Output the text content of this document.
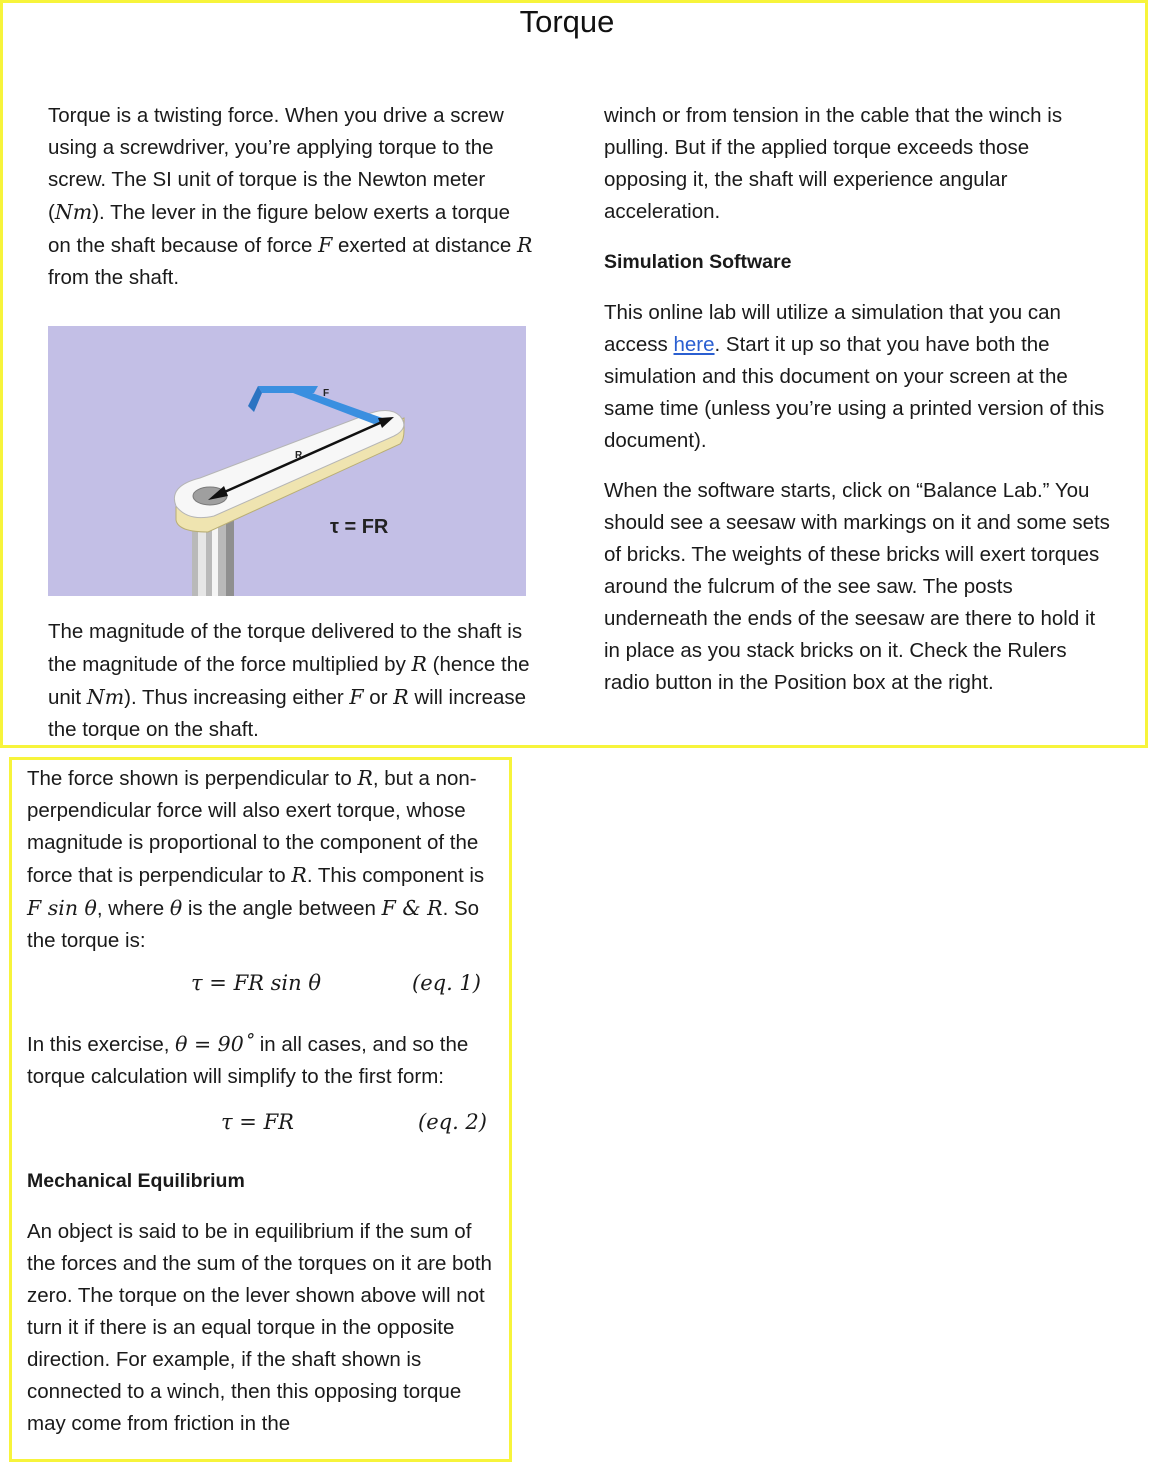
Torque

Torque is a twisting force. When you drive a screw using a screwdriver, you’re applying torque to the screw. The SI unit of torque is the Newton meter (Nm). The lever in the figure below exerts a torque on the shaft because of force F exerted at distance R from the shaft.

R
F
τ = FR

The magnitude of the torque delivered to the shaft is the magnitude of the force multiplied by R (hence the unit Nm). Thus increasing either F or R will increase the torque on the shaft.

winch or from tension in the cable that the winch is pulling. But if the applied torque exceeds those opposing it, the shaft will experience angular acceleration.

Simulation Software

This online lab will utilize a simulation that you can access here. Start it up so that you have both the simulation and this document on your screen at the same time (unless you’re using a printed version of this document).

When the software starts, click on “Balance Lab.” You should see a seesaw with markings on it and some sets of bricks. The weights of these bricks will exert torques around the fulcrum of the see saw. The posts underneath the ends of the seesaw are there to hold it in place as you stack bricks on it. Check the Rulers radio button in the Position box at the right.

The force shown is perpendicular to R, but a non-perpendicular force will also exert torque, whose magnitude is proportional to the component of the force that is perpendicular to R. This component is F sin θ, where θ is the angle between F & R. So the torque is:

τ = FR sin θ	(eq. 1)

In this exercise, θ = 90˚ in all cases, and so the torque calculation will simplify to the first form:

τ = FR	(eq. 2)

Mechanical Equilibrium

An object is said to be in equilibrium if the sum of the forces and the sum of the torques on it are both zero. The torque on the lever shown above will not turn it if there is an equal torque in the opposite direction. For example, if the shaft shown is connected to a winch, then this opposing torque may come from friction in the
